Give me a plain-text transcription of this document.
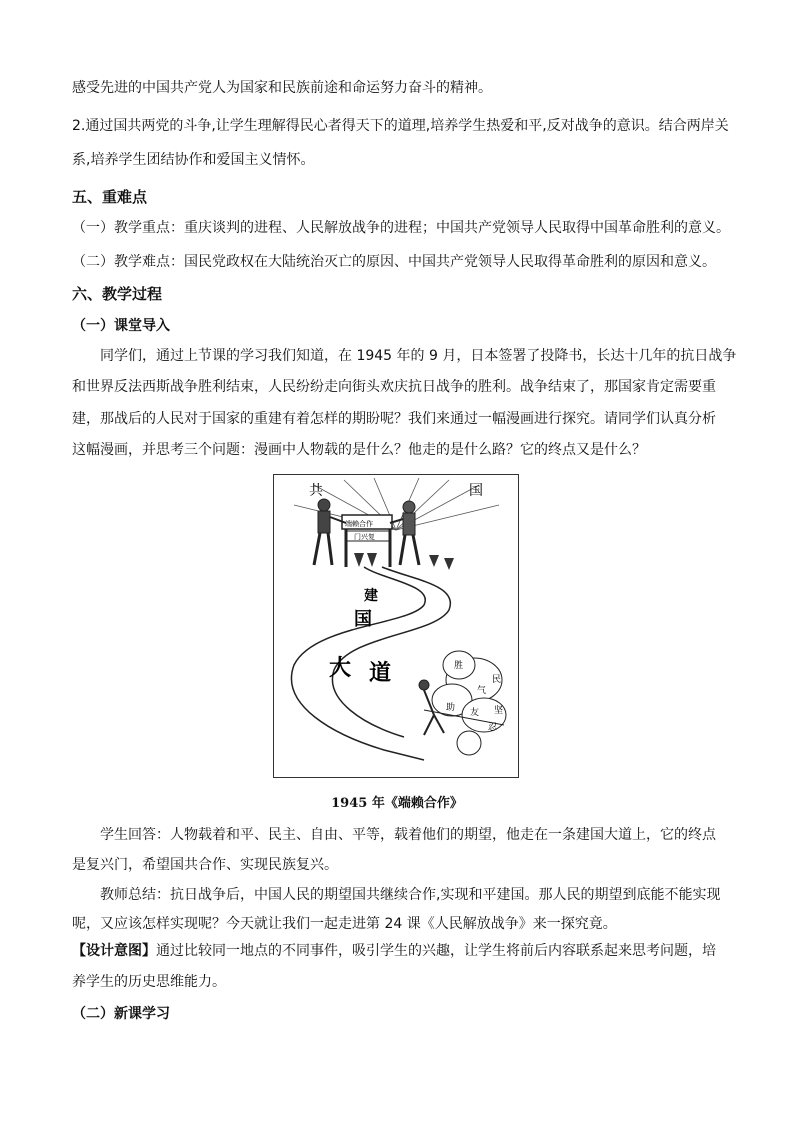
感受先进的中国共产党人为国家和民族前途和命运努力奋斗的精神。
2.通过国共两党的斗争,让学生理解得民心者得天下的道理,培养学生热爱和平,反对战争的意识。结合两岸关
系,培养学生团结协作和爱国主义情怀。
五、重难点
（一）教学重点：重庆谈判的进程、人民解放战争的进程；中国共产党领导人民取得中国革命胜利的意义。
（二）教学难点：国民党政权在大陆统治灭亡的原因、中国共产党领导人民取得革命胜利的原因和意义。
六、教学过程
（一）课堂导入
同学们，通过上节课的学习我们知道，在 1945 年的 9 月，日本签署了投降书，长达十几年的抗日战争
和世界反法西斯战争胜利结束，人民纷纷走向街头欢庆抗日战争的胜利。战争结束了，那国家肯定需要重
建，那战后的人民对于国家的重建有着怎样的期盼呢？我们来通过一幅漫画进行探究。请同学们认真分析
这幅漫画，并思考三个问题：漫画中人物载的是什么？他走的是什么路？它的终点又是什么？
共	国
端赖合作
门兴复
国
建
大 道	胜
民
气
坚
友
助
忍
1945 年《端赖合作》
学生回答：人物载着和平、民主、自由、平等，载着他们的期望，他走在一条建国大道上，它的终点
是复兴门，希望国共合作、实现民族复兴。
教师总结：抗日战争后，中国人民的期望国共继续合作,实现和平建国。那人民的期望到底能不能实现
呢，又应该怎样实现呢？今天就让我们一起走进第 24 课《人民解放战争》来一探究竟。
【设计意图】通过比较同一地点的不同事件，吸引学生的兴趣，让学生将前后内容联系起来思考问题，培
养学生的历史思维能力。
（二）新课学习
